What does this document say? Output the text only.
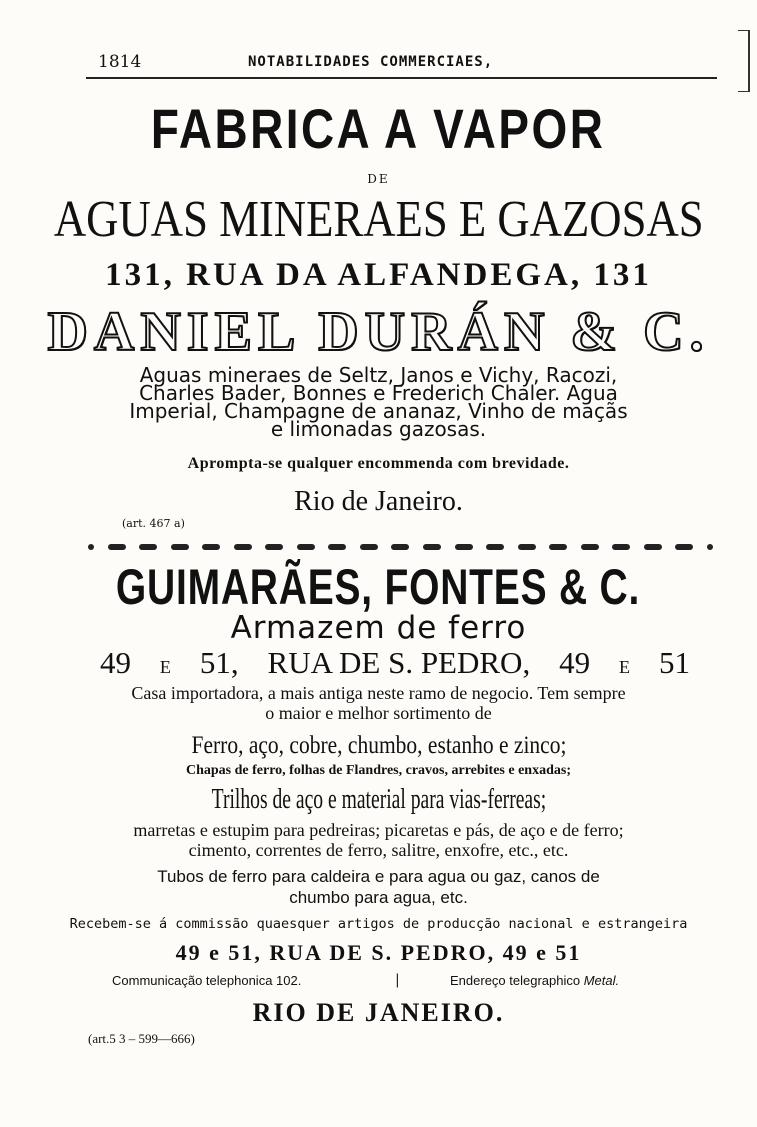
1814	NOTABILIDADES COMMERCIAES,
FABRICA A VAPOR
DE
AGUAS MINERAES E GAZOSAS
131, RUA DA ALFANDEGA, 131
DANIEL DURÁN & C.
Aguas mineraes de Seltz, Janos e Vichy, Racozi,
Charles Bader, Bonnes e Frederich Chaler. Agua
Imperial, Champagne de ananaz, Vinho de maçãs
e limonadas gazosas.
Apromptа-se qualquer encommenda com brevidade.
Rio de Janeiro.
(art. 467 a)
GUIMARÃES, FONTES & C.
Armazem de ferro
49 E 51, RUA DE S. PEDRO, 49 E 51
Casa importadora, a mais antiga neste ramo de negocio. Tem sempre
o maior e melhor sortimento de
Ferro, aço, cobre, chumbo, estanho e zinco;
Chapas de ferro, folhas de Flandres, cravos, arrebites e enxadas;
Trilhos de aço e material para vias-ferreas;
marretas e estupim para pedreiras; picaretas e pás, de aço e de ferro;
cimento, correntes de ferro, salitre, enxofre, etc., etc.
Tubos de ferro para caldeira e para agua ou gaz, canos de
chumbo para agua, etc.
Recebem-se á commissão quaesquer artigos de producção nacional e estrangeira
49 e 51, RUA DE S. PEDRO, 49 e 51
Communicação telephonica 102.	|	Endereço telegraphico Metal.
RIO DE JANEIRO.
(art.5 3 – 599—666)
